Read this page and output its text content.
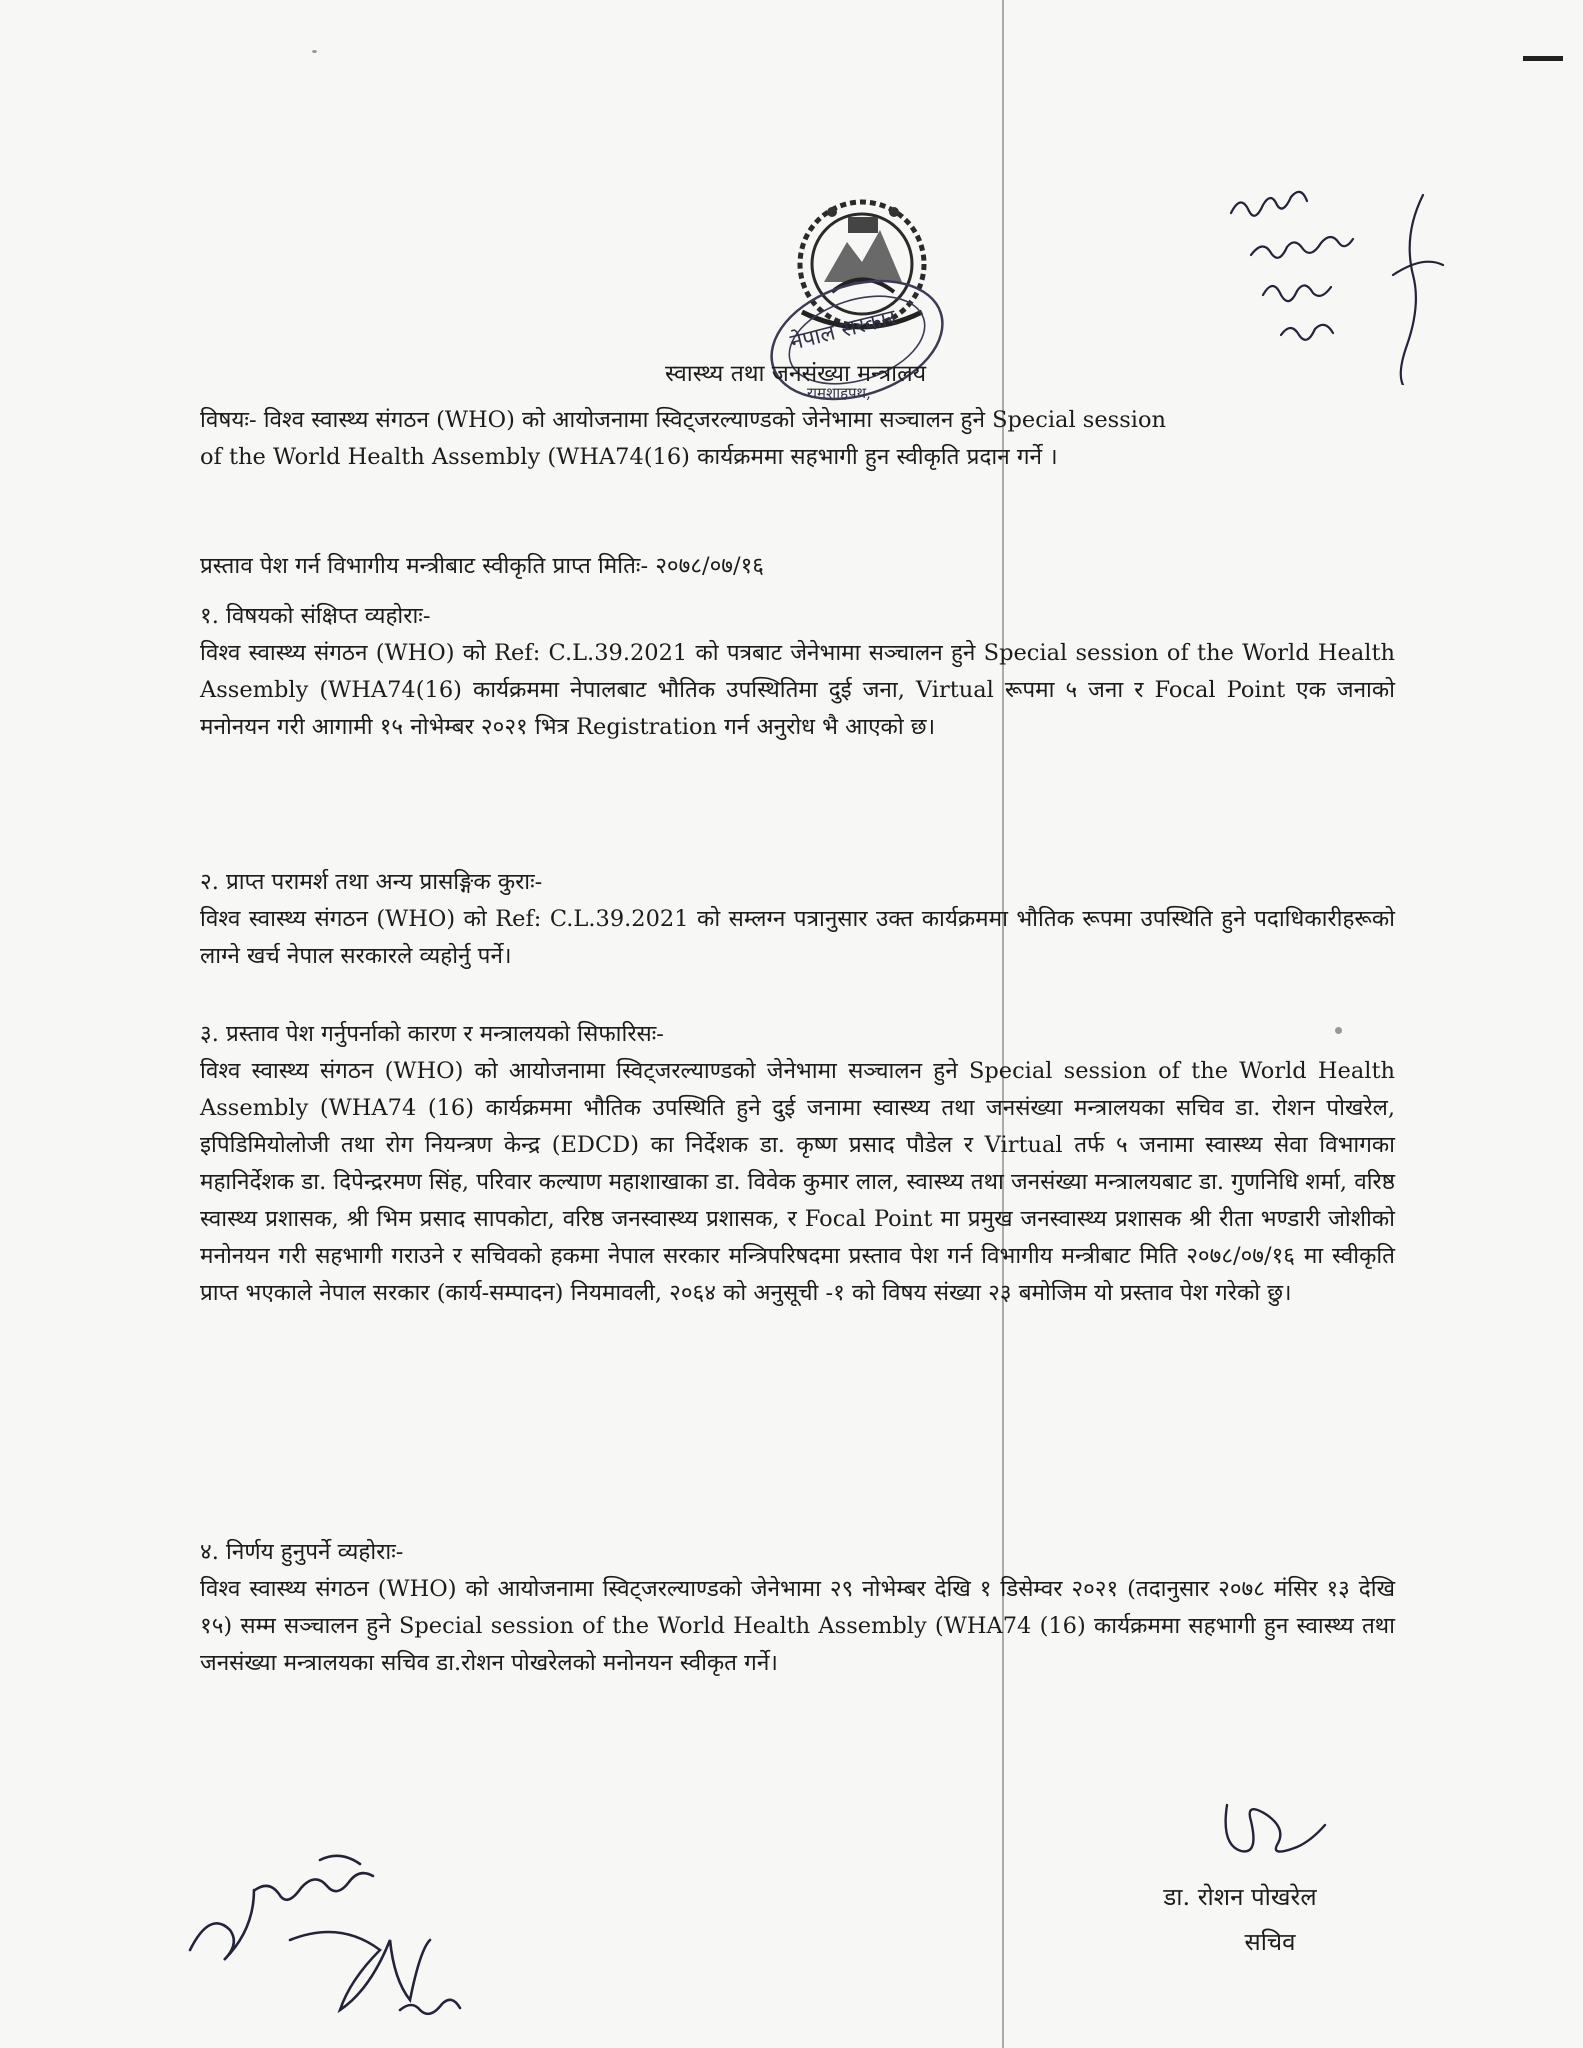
नेपाल सरकार
रामशाहपथ,
स्वास्थ्य तथा जनसंख्या मन्त्रालय
विषयः- विश्व स्वास्थ्य संगठन (WHO) को आयोजनामा स्विट्जरल्याण्डको जेनेभामा सञ्चालन हुने Special session
of the World Health Assembly (WHA74(16) कार्यक्रममा सहभागी हुन स्वीकृति प्रदान गर्ने ।
प्रस्ताव पेश गर्न विभागीय मन्त्रीबाट स्वीकृति प्राप्त मितिः- २०७८/०७/१६
१. विषयको संक्षिप्त व्यहोराः-

विश्व स्वास्थ्य संगठन (WHO) को Ref: C.L.39.2021 को पत्रबाट जेनेभामा सञ्चालन हुने Special session of the World Health Assembly (WHA74(16) कार्यक्रममा नेपालबाट भौतिक उपस्थितिमा दुई जना, Virtual रूपमा ५ जना र Focal Point एक जनाको मनोनयन गरी आगामी १५ नोभेम्बर २०२१ भित्र Registration गर्न अनुरोध भै आएको छ।

२. प्राप्त परामर्श तथा अन्य प्रासङ्गिक कुराः-

विश्व स्वास्थ्य संगठन (WHO) को Ref: C.L.39.2021 को सम्लग्न पत्रानुसार उक्त कार्यक्रममा भौतिक रूपमा उपस्थिति हुने पदाधिकारीहरूको लाग्ने खर्च नेपाल सरकारले व्यहोर्नु पर्ने।

३. प्रस्ताव पेश गर्नुपर्नाको कारण र मन्त्रालयको सिफारिसः-

विश्व स्वास्थ्य संगठन (WHO) को आयोजनामा स्विट्जरल्याण्डको जेनेभामा सञ्चालन हुने Special session of the World Health Assembly (WHA74 (16) कार्यक्रममा भौतिक उपस्थिति हुने दुई जनामा स्वास्थ्य तथा जनसंख्या मन्त्रालयका सचिव डा. रोशन पोखरेल, इपिडिमियोलोजी तथा रोग नियन्त्रण केन्द्र (EDCD) का निर्देशक डा. कृष्ण प्रसाद पौडेल र Virtual तर्फ ५ जनामा स्वास्थ्य सेवा विभागका महानिर्देशक डा. दिपेन्द्ररमण सिंह, परिवार कल्याण महाशाखाका डा. विवेक कुमार लाल, स्वास्थ्य तथा जनसंख्या मन्त्रालयबाट डा. गुणनिधि शर्मा, वरिष्ठ स्वास्थ्य प्रशासक, श्री भिम प्रसाद सापकोटा, वरिष्ठ जनस्वास्थ्य प्रशासक, र Focal Point मा प्रमुख जनस्वास्थ्य प्रशासक श्री रीता भण्डारी जोशीको मनोनयन गरी सहभागी गराउने र सचिवको हकमा नेपाल सरकार मन्त्रिपरिषदमा प्रस्ताव पेश गर्न विभागीय मन्त्रीबाट मिति २०७८/०७/१६ मा स्वीकृति प्राप्त भएकाले नेपाल सरकार (कार्य-सम्पादन) नियमावली, २०६४ को अनुसूची -१ को विषय संख्या २३ बमोजिम यो प्रस्ताव पेश गरेको छु।

४. निर्णय हुनुपर्ने व्यहोराः-

विश्व स्वास्थ्य संगठन (WHO) को आयोजनामा स्विट्जरल्याण्डको जेनेभामा २९ नोभेम्बर देखि १ डिसेम्वर २०२१ (तदानुसार २०७८ मंसिर १३ देखि १५) सम्म सञ्चालन हुने Special session of the World Health Assembly (WHA74 (16) कार्यक्रममा सहभागी हुन स्वास्थ्य तथा जनसंख्या मन्त्रालयका सचिव डा.रोशन पोखरेलको मनोनयन स्वीकृत गर्ने।

डा. रोशन पोखरेल
सचिव
